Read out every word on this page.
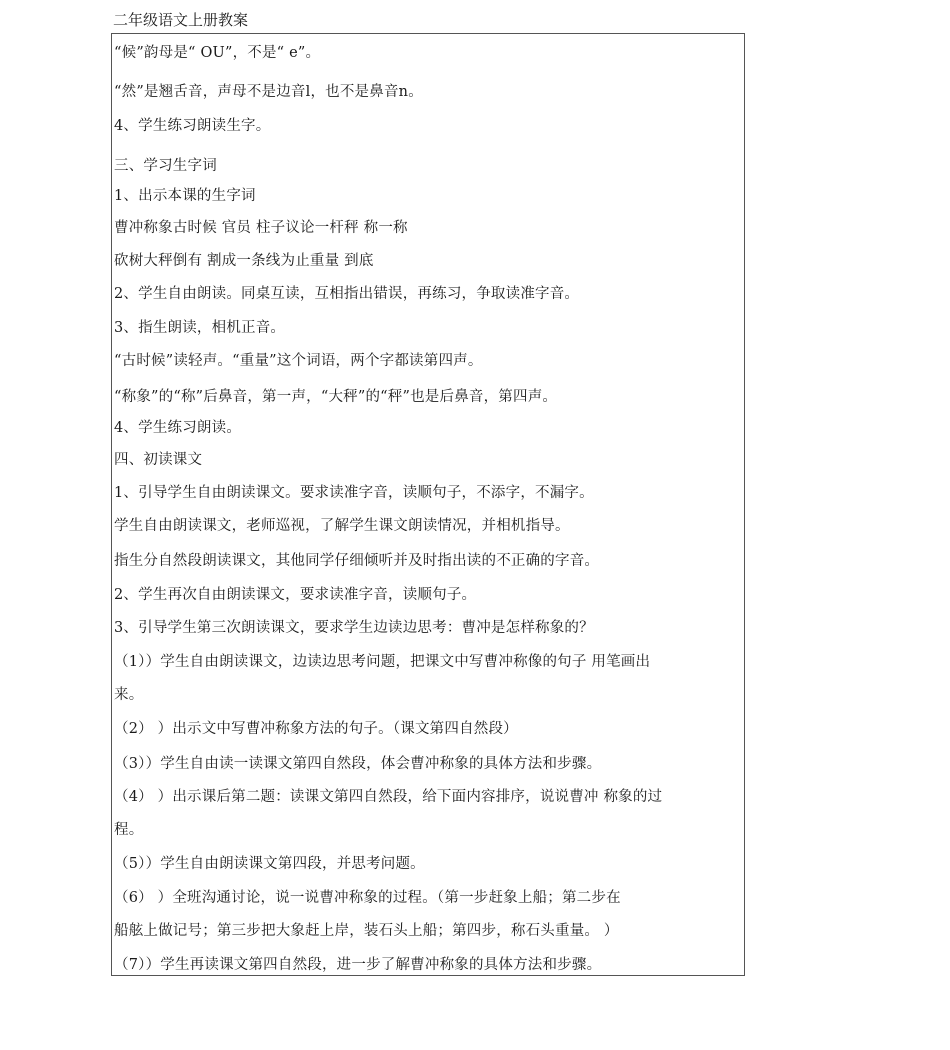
二年级语文上册教案
“候”韵母是“ OU”，不是“ e”。
“然”是翘舌音，声母不是边音l，也不是鼻音n。
4、学生练习朗读生字。
三、学习生字词
1、出示本课的生字词
曹冲称象古时候 官员 柱子议论一杆秤 称一称
砍树大秤倒有 割成一条线为止重量 到底
2、学生自由朗读。同桌互读，互相指出错误，再练习，争取读准字音。
3、指生朗读，相机正音。
“古时候”读轻声。“重量”这个词语，两个字都读第四声。
“称象”的“称”后鼻音，第一声，“大秤”的“秤”也是后鼻音，第四声。
4、学生练习朗读。
四、初读课文
1、引导学生自由朗读课文。要求读准字音，读顺句子，不添字，不漏字。
学生自由朗读课文，老师巡视，了解学生课文朗读情况，并相机指导。
指生分自然段朗读课文，其他同学仔细倾听并及时指出读的不正确的字音。
2、学生再次自由朗读课文，要求读准字音，读顺句子。
3、引导学生第三次朗读课文，要求学生边读边思考：曹冲是怎样称象的？
（1））学生自由朗读课文，边读边思考问题，把课文中写曹冲称像的句子 用笔画出
来。
（2） ）出示文中写曹冲称象方法的句子。（课文第四自然段）
（3））学生自由读一读课文第四自然段，体会曹冲称象的具体方法和步骤。
（4） ）出示课后第二题：读课文第四自然段，给下面内容排序，说说曹冲 称象的过
程。
（5））学生自由朗读课文第四段，并思考问题。
（6） ）全班沟通讨论，说一说曹冲称象的过程。（第一步赶象上船；第二步在
船舷上做记号；第三步把大象赶上岸，装石头上船；第四步，称石头重量。 ）
（7））学生再读课文第四自然段，进一步了解曹冲称象的具体方法和步骤。
